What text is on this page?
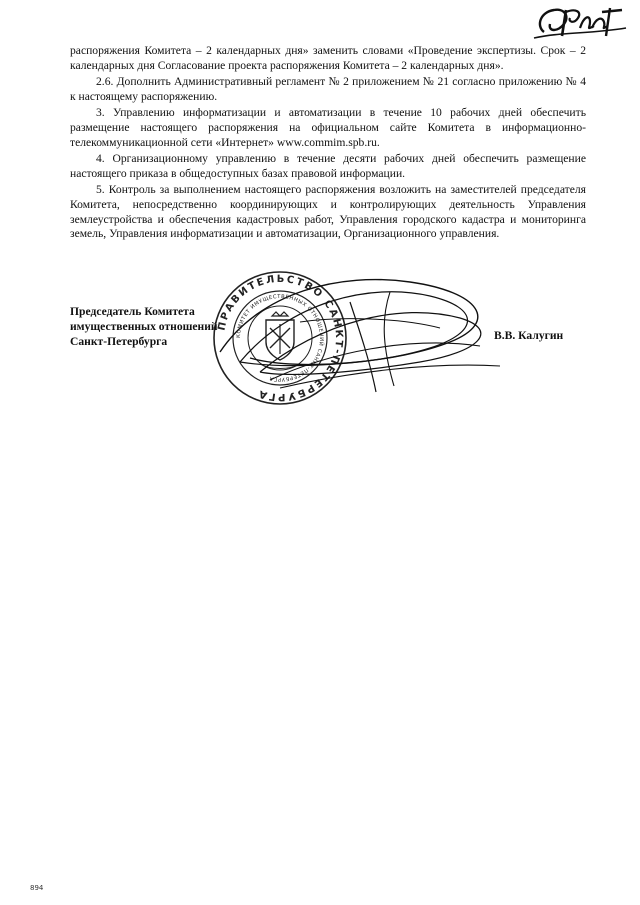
распоряжения Комитета – 2 календарных дня» заменить словами «Проведение экспертизы. Срок – 2 календарных дня Согласование проекта распоряжения Комитета – 2 календарных дня».

2.6. Дополнить Административный регламент № 2 приложением № 21 согласно приложению № 4 к настоящему распоряжению.

3. Управлению информатизации и автоматизации в течение 10 рабочих дней обеспечить размещение настоящего распоряжения на официальном сайте Комитета в информационно-телекоммуникационной сети «Интернет» www.commim.spb.ru.

4. Организационному управлению в течение десяти рабочих дней обеспечить размещение настоящего приказа в общедоступных базах правовой информации.

5. Контроль за выполнением настоящего распоряжения возложить на заместителей председателя Комитета, непосредственно координирующих и контролирующих деятельность Управления землеустройства и обеспечения кадастровых работ, Управления городского кадастра и мониторинга земель, Управления информатизации и автоматизации, Организационного управления.

ПРАВИТЕЛЬСТВО САНКТ-ПЕТЕРБУРГА
КОМИТЕТ ИМУЩЕСТВЕННЫХ ОТНОШЕНИЙ САНКТ-ПЕТЕРБУРГА
Председатель Комитета
имущественных отношений
Санкт-Петербурга	В.В. Калугин
894
